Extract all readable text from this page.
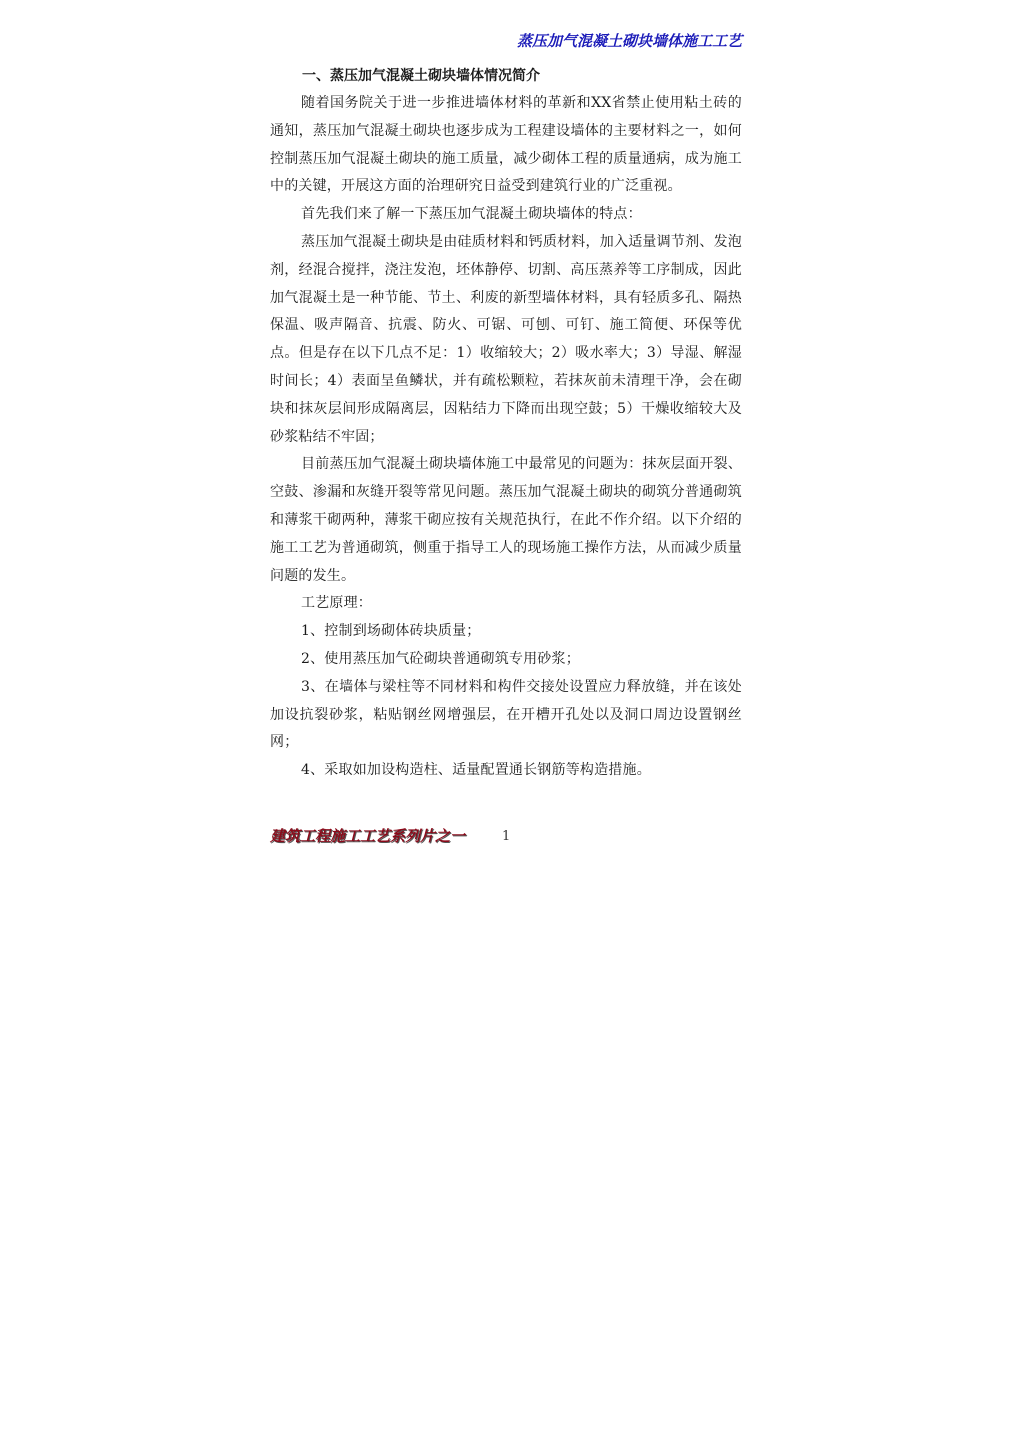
蒸压加气混凝土砌块墙体施工工艺

一、蒸压加气混凝土砌块墙体情况简介

随着国务院关于进一步推进墙体材料的革新和XX省禁止使用粘土砖的通知，蒸压加气混凝土砌块也逐步成为工程建设墙体的主要材料之一，如何控制蒸压加气混凝土砌块的施工质量，减少砌体工程的质量通病，成为施工中的关键，开展这方面的治理研究日益受到建筑行业的广泛重视。

首先我们来了解一下蒸压加气混凝土砌块墙体的特点：

蒸压加气混凝土砌块是由硅质材料和钙质材料，加入适量调节剂、发泡剂，经混合搅拌，浇注发泡，坯体静停、切割、高压蒸养等工序制成，因此加气混凝土是一种节能、节土、利废的新型墙体材料，具有轻质多孔、隔热保温、吸声隔音、抗震、防火、可锯、可刨、可钉、施工简便、环保等优点。但是存在以下几点不足：1）收缩较大；2）吸水率大；3）导湿、解湿时间长；4）表面呈鱼鳞状，并有疏松颗粒，若抹灰前未清理干净，会在砌块和抹灰层间形成隔离层，因粘结力下降而出现空鼓；5）干燥收缩较大及砂浆粘结不牢固；

目前蒸压加气混凝土砌块墙体施工中最常见的问题为：抹灰层面开裂、空鼓、渗漏和灰缝开裂等常见问题。蒸压加气混凝土砌块的砌筑分普通砌筑和薄浆干砌两种，薄浆干砌应按有关规范执行，在此不作介绍。以下介绍的施工工艺为普通砌筑，侧重于指导工人的现场施工操作方法，从而减少质量问题的发生。

工艺原理：

1、控制到场砌体砖块质量；

2、使用蒸压加气砼砌块普通砌筑专用砂浆；

3、在墙体与梁柱等不同材料和构件交接处设置应力释放缝，并在该处加设抗裂砂浆，粘贴钢丝网增强层，在开槽开孔处以及洞口周边设置钢丝网；

4、采取如加设构造柱、适量配置通长钢筋等构造措施。

建筑工程施工工艺系列片之一	1
